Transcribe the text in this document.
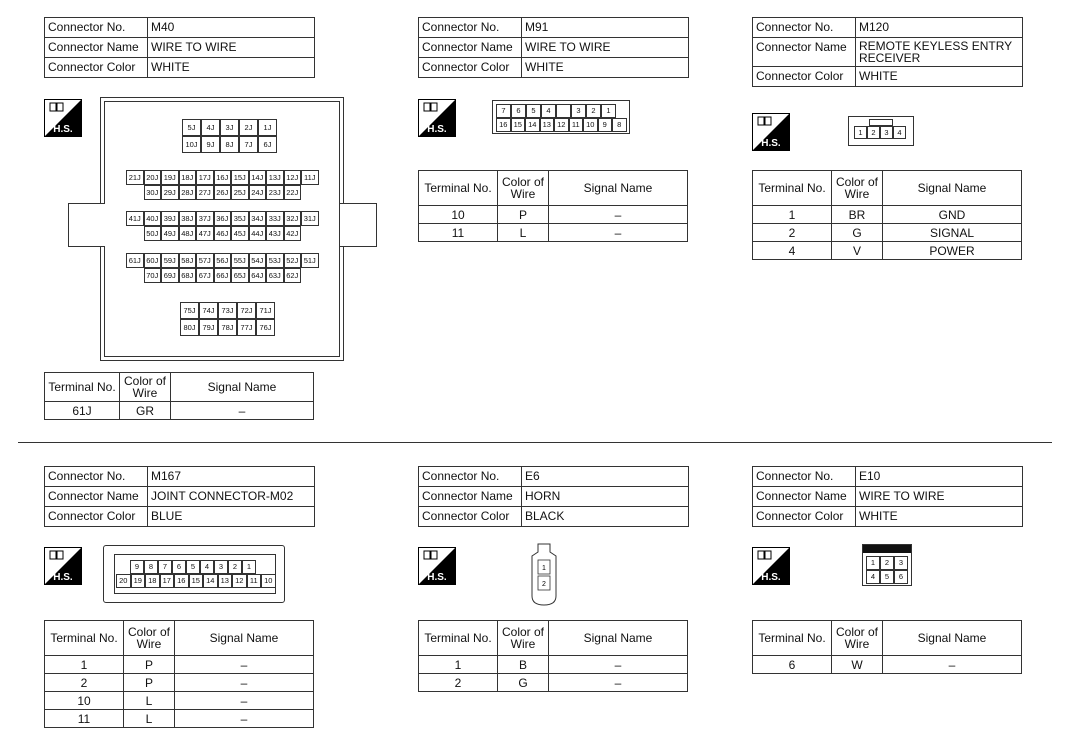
Connector No.	M40
Connector Name	WIRE TO WIRE
Connector Color	WHITE
H.S.	5J	4J	3J	2J	1J
10J	9J	8J	7J	6J
21J 20J 19J 18J 17J 16J 15J 14J 13J 12J 11J
30J 29J 28J 27J 26J 25J 24J 23J 22J
41J 40J 39J 38J 37J 36J 35J 34J 33J 32J 31J
50J 49J 48J 47J 46J 45J 44J 43J 42J
61J 60J 59J 58J 57J 56J 55J 54J 53J 52J 51J
70J 69J 68J 67J 66J 65J 64J 63J 62J
75J 74J 73J 72J 71J
80J 79J 78J 77J 76J
Terminal No.	Color of Wire	Signal Name
61J	GR	–
Connector No.	M91
Connector Name	WIRE TO WIRE
Connector Color	WHITE
H.S.
7	6	5	4	3	2	1
16 15 14 13 12 11 10	9	8
Terminal No.	Color of Wire	Signal Name
10	P	–
11	L	–
Connector No.	M120
Connector Name	REMOTE KEYLESS ENTRY RECEIVER
Connector Color	WHITE
H.S.
1	2	3	4
Terminal No.	Color of Wire	Signal Name
1	BR	GND
2	G	SIGNAL
4	V	POWER
Connector No.	M167
Connector Name	JOINT CONNECTOR-M02
Connector Color	BLUE
H.S.
9	8	7	6	5	4	3	2	1
20 19 18 17 16 15 14 13 12 11 10
Terminal No.	Color of Wire	Signal Name
1	P	–
2	P	–
10	L	–
11	L	–
Connector No.	E6
Connector Name	HORN
Connector Color	BLACK
H.S.
1
2
Terminal No.	Color of Wire	Signal Name
1	B	–
2	G	–
Connector No.	E10
Connector Name	WIRE TO WIRE
Connector Color	WHITE
H.S.
1	2	3
4	5	6
Terminal No.	Color of Wire	Signal Name
6	W	–
